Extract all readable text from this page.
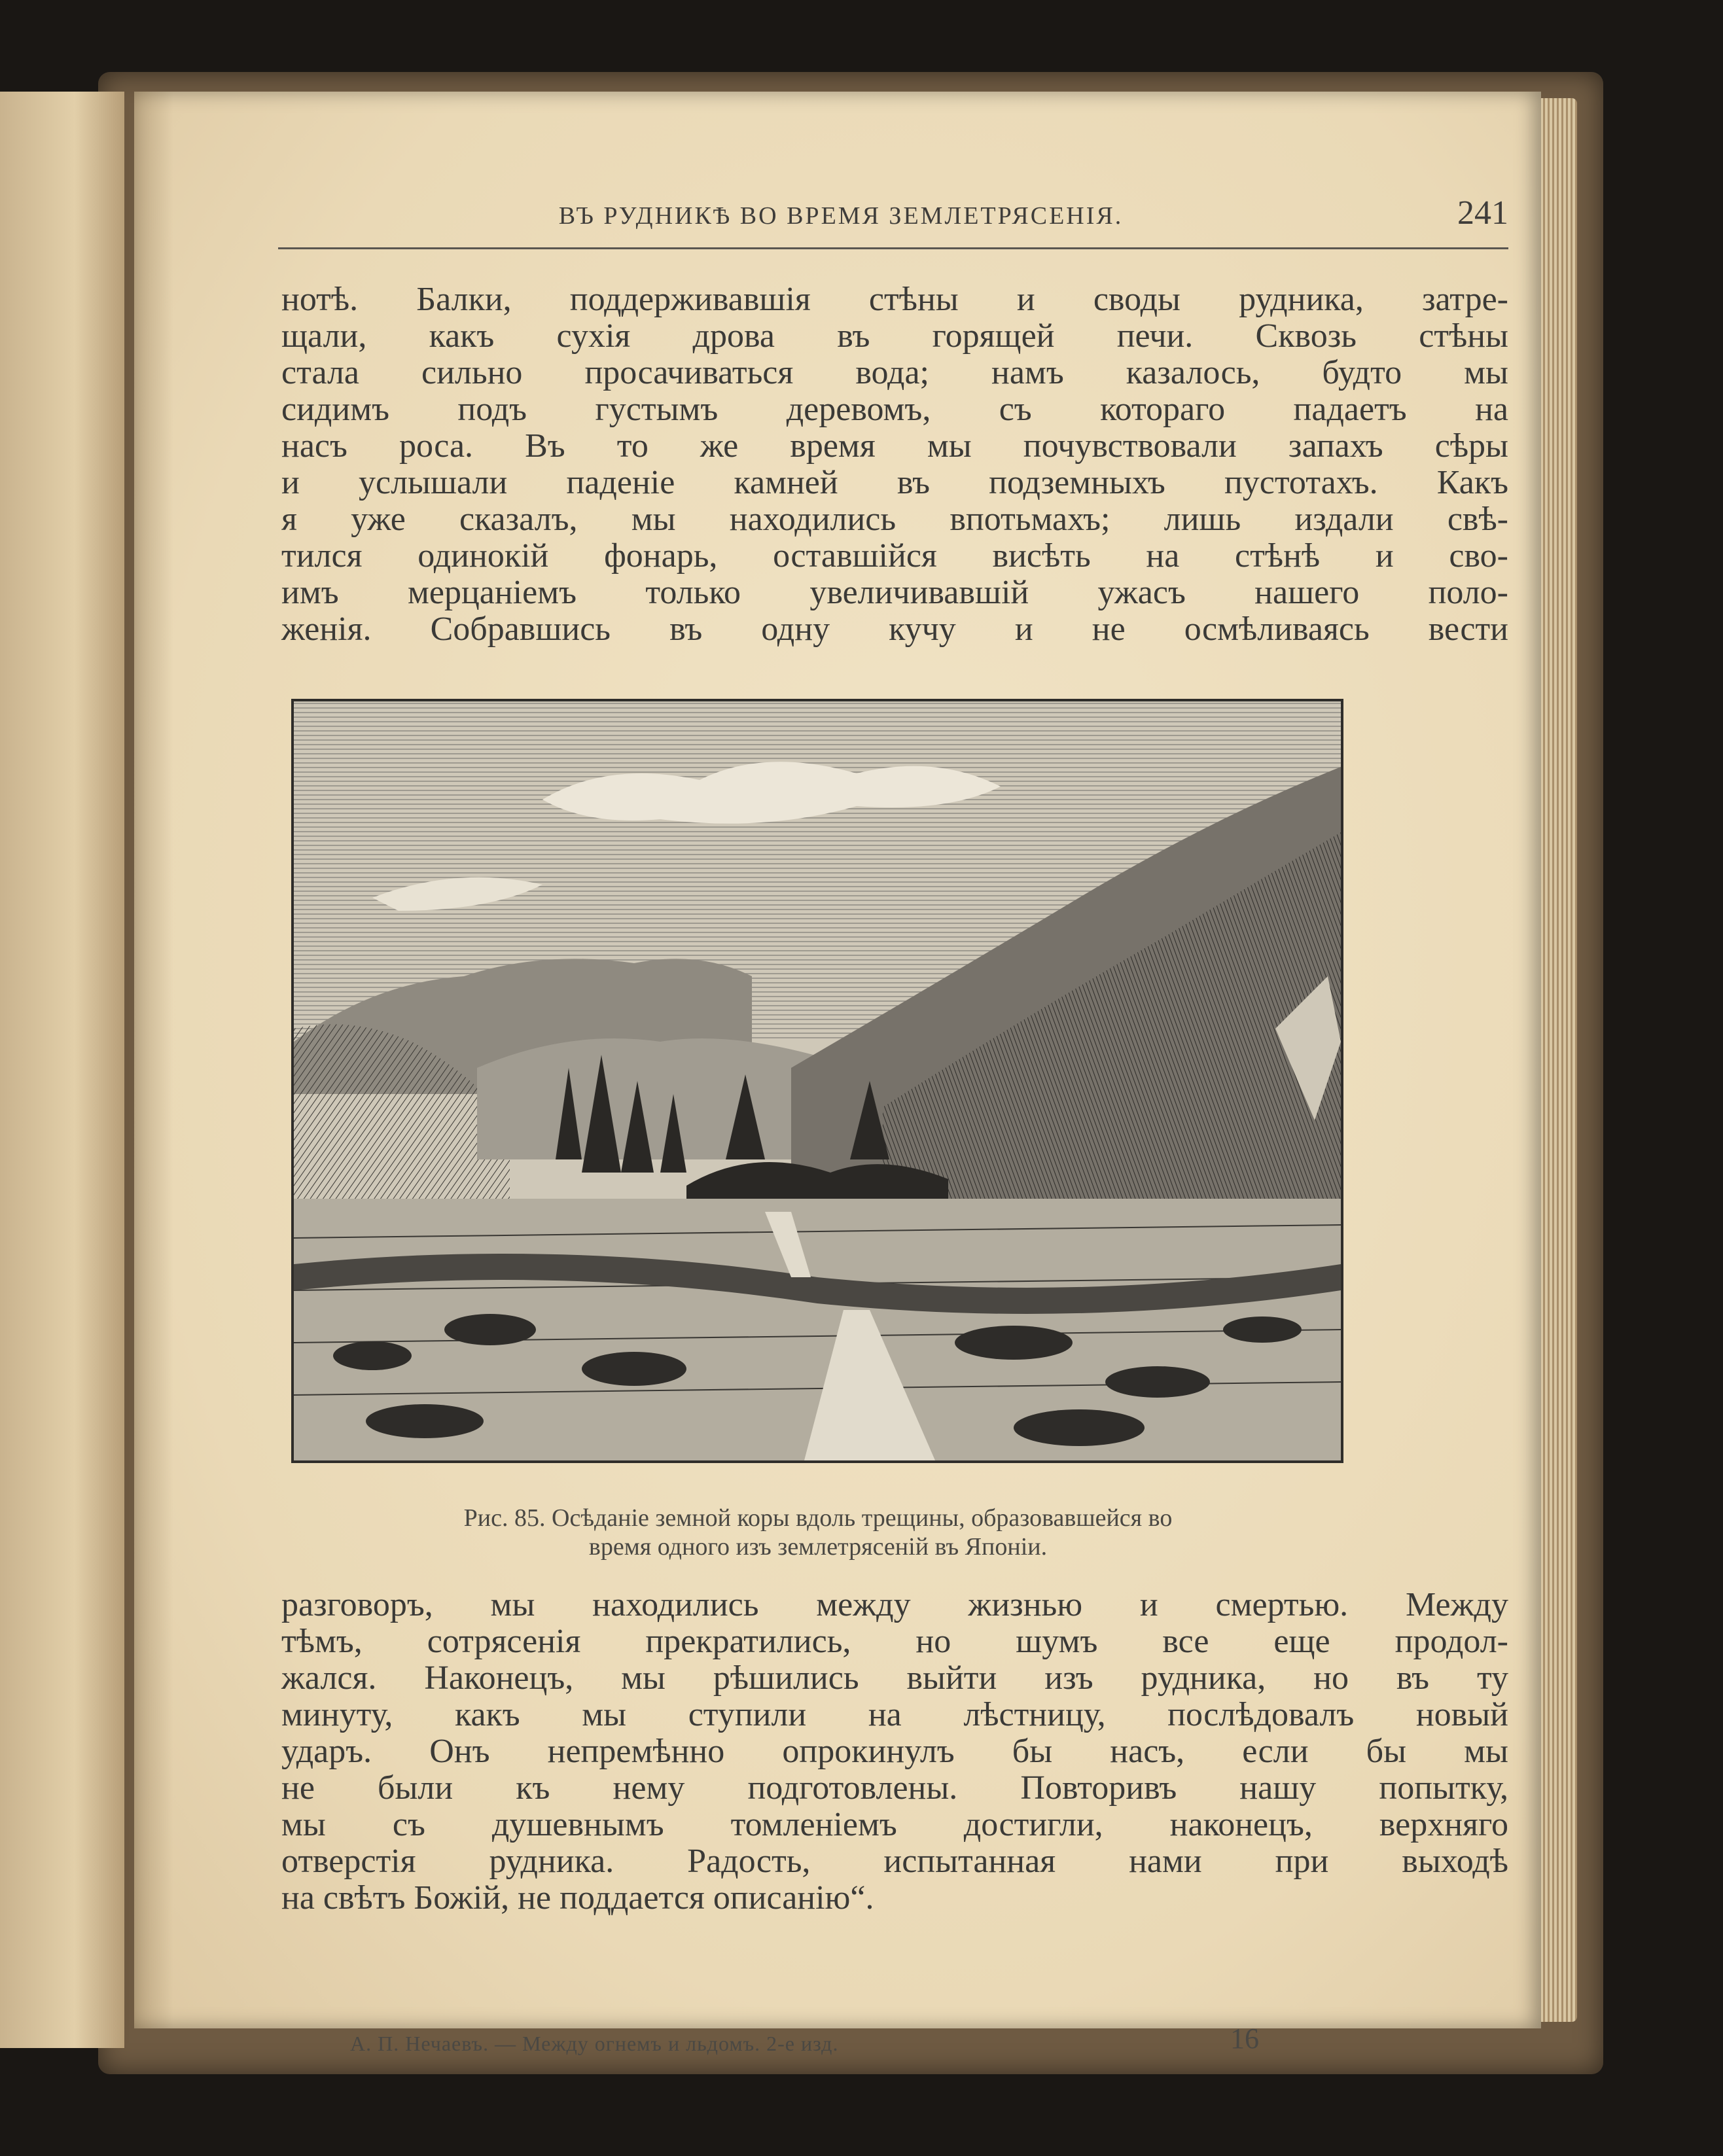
ВЪ РУДНИКѢ ВО ВРЕМЯ ЗЕМЛЕТРЯСЕНІЯ.	241
нотѣ. Балки, поддерживавшія стѣны и своды рудника, затре-
щали, какъ сухія дрова въ горящей печи. Сквозь стѣны
стала сильно просачиваться вода; намъ казалось, будто мы
сидимъ подъ густымъ деревомъ, съ котораго падаетъ на
насъ роса. Въ то же время мы почувствовали запахъ сѣры
и услышали паденіе камней въ подземныхъ пустотахъ. Какъ
я уже сказалъ, мы находились впотьмахъ; лишь издали свѣ-
тился одинокій фонарь, оставшійся висѣть на стѣнѣ и сво-
имъ мерцаніемъ только увеличивавшій ужасъ нашего поло-
женія. Собравшись въ одну кучу и не осмѣливаясь вести
Рис. 85. Осѣданіе земной коры вдоль трещины, образовавшейся во
время одного изъ землетрясеній въ Японіи.
разговоръ, мы находились между жизнью и смертью. Между
тѣмъ, сотрясенія прекратились, но шумъ все еще продол-
жался. Наконецъ, мы рѣшились выйти изъ рудника, но въ ту
минуту, какъ мы ступили на лѣстницу, послѣдовалъ новый
ударъ. Онъ непремѣнно опрокинулъ бы насъ, если бы мы
не были къ нему подготовлены. Повторивъ нашу попытку,
мы съ душевнымъ томленіемъ достигли, наконецъ, верхняго
отверстія рудника. Радость, испытанная нами при выходѣ
на свѣтъ Божій, не поддается описанію“.
А. П. Нечаевъ. — Между огнемъ и льдомъ. 2-е изд.	16
